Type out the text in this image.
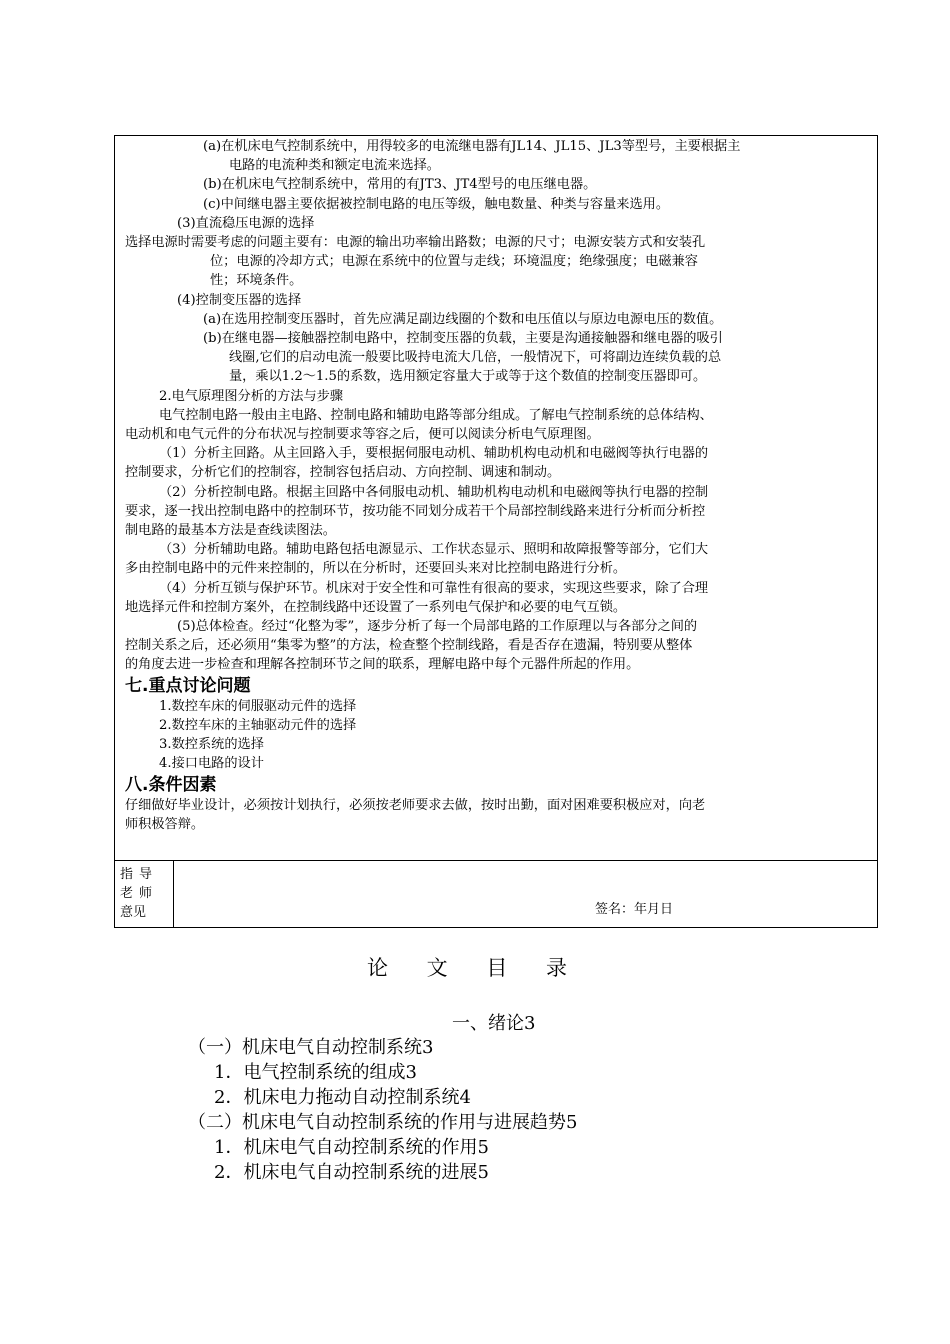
(a)在机床电气控制系统中，用得较多的电流继电器有JL14、JL15、JL3等型号，主要根据主
电路的电流种类和额定电流来选择。
(b)在机床电气控制系统中，常用的有JT3、JT4型号的电压继电器。
(c)中间继电器主要依据被控制电路的电压等级，触电数量、种类与容量来选用。
(3)直流稳压电源的选择
选择电源时需要考虑的问题主要有：电源的输出功率输出路数；电源的尺寸；电源安装方式和安装孔
位；电源的冷却方式；电源在系统中的位置与走线；环境温度；绝缘强度；电磁兼容
性；环境条件。
(4)控制变压器的选择
(a)在选用控制变压器时，首先应满足副边线圈的个数和电压值以与原边电源电压的数值。
(b)在继电器—接触器控制电路中，控制变压器的负载，主要是沟通接触器和继电器的吸引
线圈,它们的启动电流一般要比吸持电流大几倍，一般情况下，可将副边连续负载的总
量，乘以1.2～1.5的系数，选用额定容量大于或等于这个数值的控制变压器即可。
2.电气原理图分析的方法与步骤
电气控制电路一般由主电路、控制电路和辅助电路等部分组成。了解电气控制系统的总体结构、
电动机和电气元件的分布状况与控制要求等容之后，便可以阅读分析电气原理图。
（1）分析主回路。从主回路入手，要根据伺服电动机、辅助机构电动机和电磁阀等执行电器的
控制要求，分析它们的控制容，控制容包括启动、方向控制、调速和制动。
（2）分析控制电路。根据主回路中各伺服电动机、辅助机构电动机和电磁阀等执行电器的控制
要求，逐一找出控制电路中的控制环节，按功能不同划分成若干个局部控制线路来进行分析而分析控
制电路的最基本方法是查线读图法。
（3）分析辅助电路。辅助电路包括电源显示、工作状态显示、照明和故障报警等部分，它们大
多由控制电路中的元件来控制的，所以在分析时，还要回头来对比控制电路进行分析。
（4）分析互锁与保护环节。机床对于安全性和可靠性有很高的要求，实现这些要求，除了合理
地选择元件和控制方案外，在控制线路中还设置了一系列电气保护和必要的电气互锁。
(5)总体检查。经过“化整为零”，逐步分析了每一个局部电路的工作原理以与各部分之间的
控制关系之后，还必须用“集零为整”的方法，检查整个控制线路，看是否存在遗漏，特别要从整体
的角度去进一步检查和理解各控制环节之间的联系，理解电路中每个元器件所起的作用。
七.重点讨论问题
1.数控车床的伺服驱动元件的选择
2.数控车床的主轴驱动元件的选择
3.数控系统的选择
4.接口电路的设计
八.条件因素
仔细做好毕业设计，必须按计划执行，必须按老师要求去做，按时出勤，面对困难要积极应对，向老
师积极答辩。
指导
老师
意见	签名：年月日
论 文 目 录
一、绪论3
（一）机床电气自动控制系统3
1．电气控制系统的组成3
2．机床电力拖动自动控制系统4
（二）机床电气自动控制系统的作用与进展趋势5
1．机床电气自动控制系统的作用5
2．机床电气自动控制系统的进展5
